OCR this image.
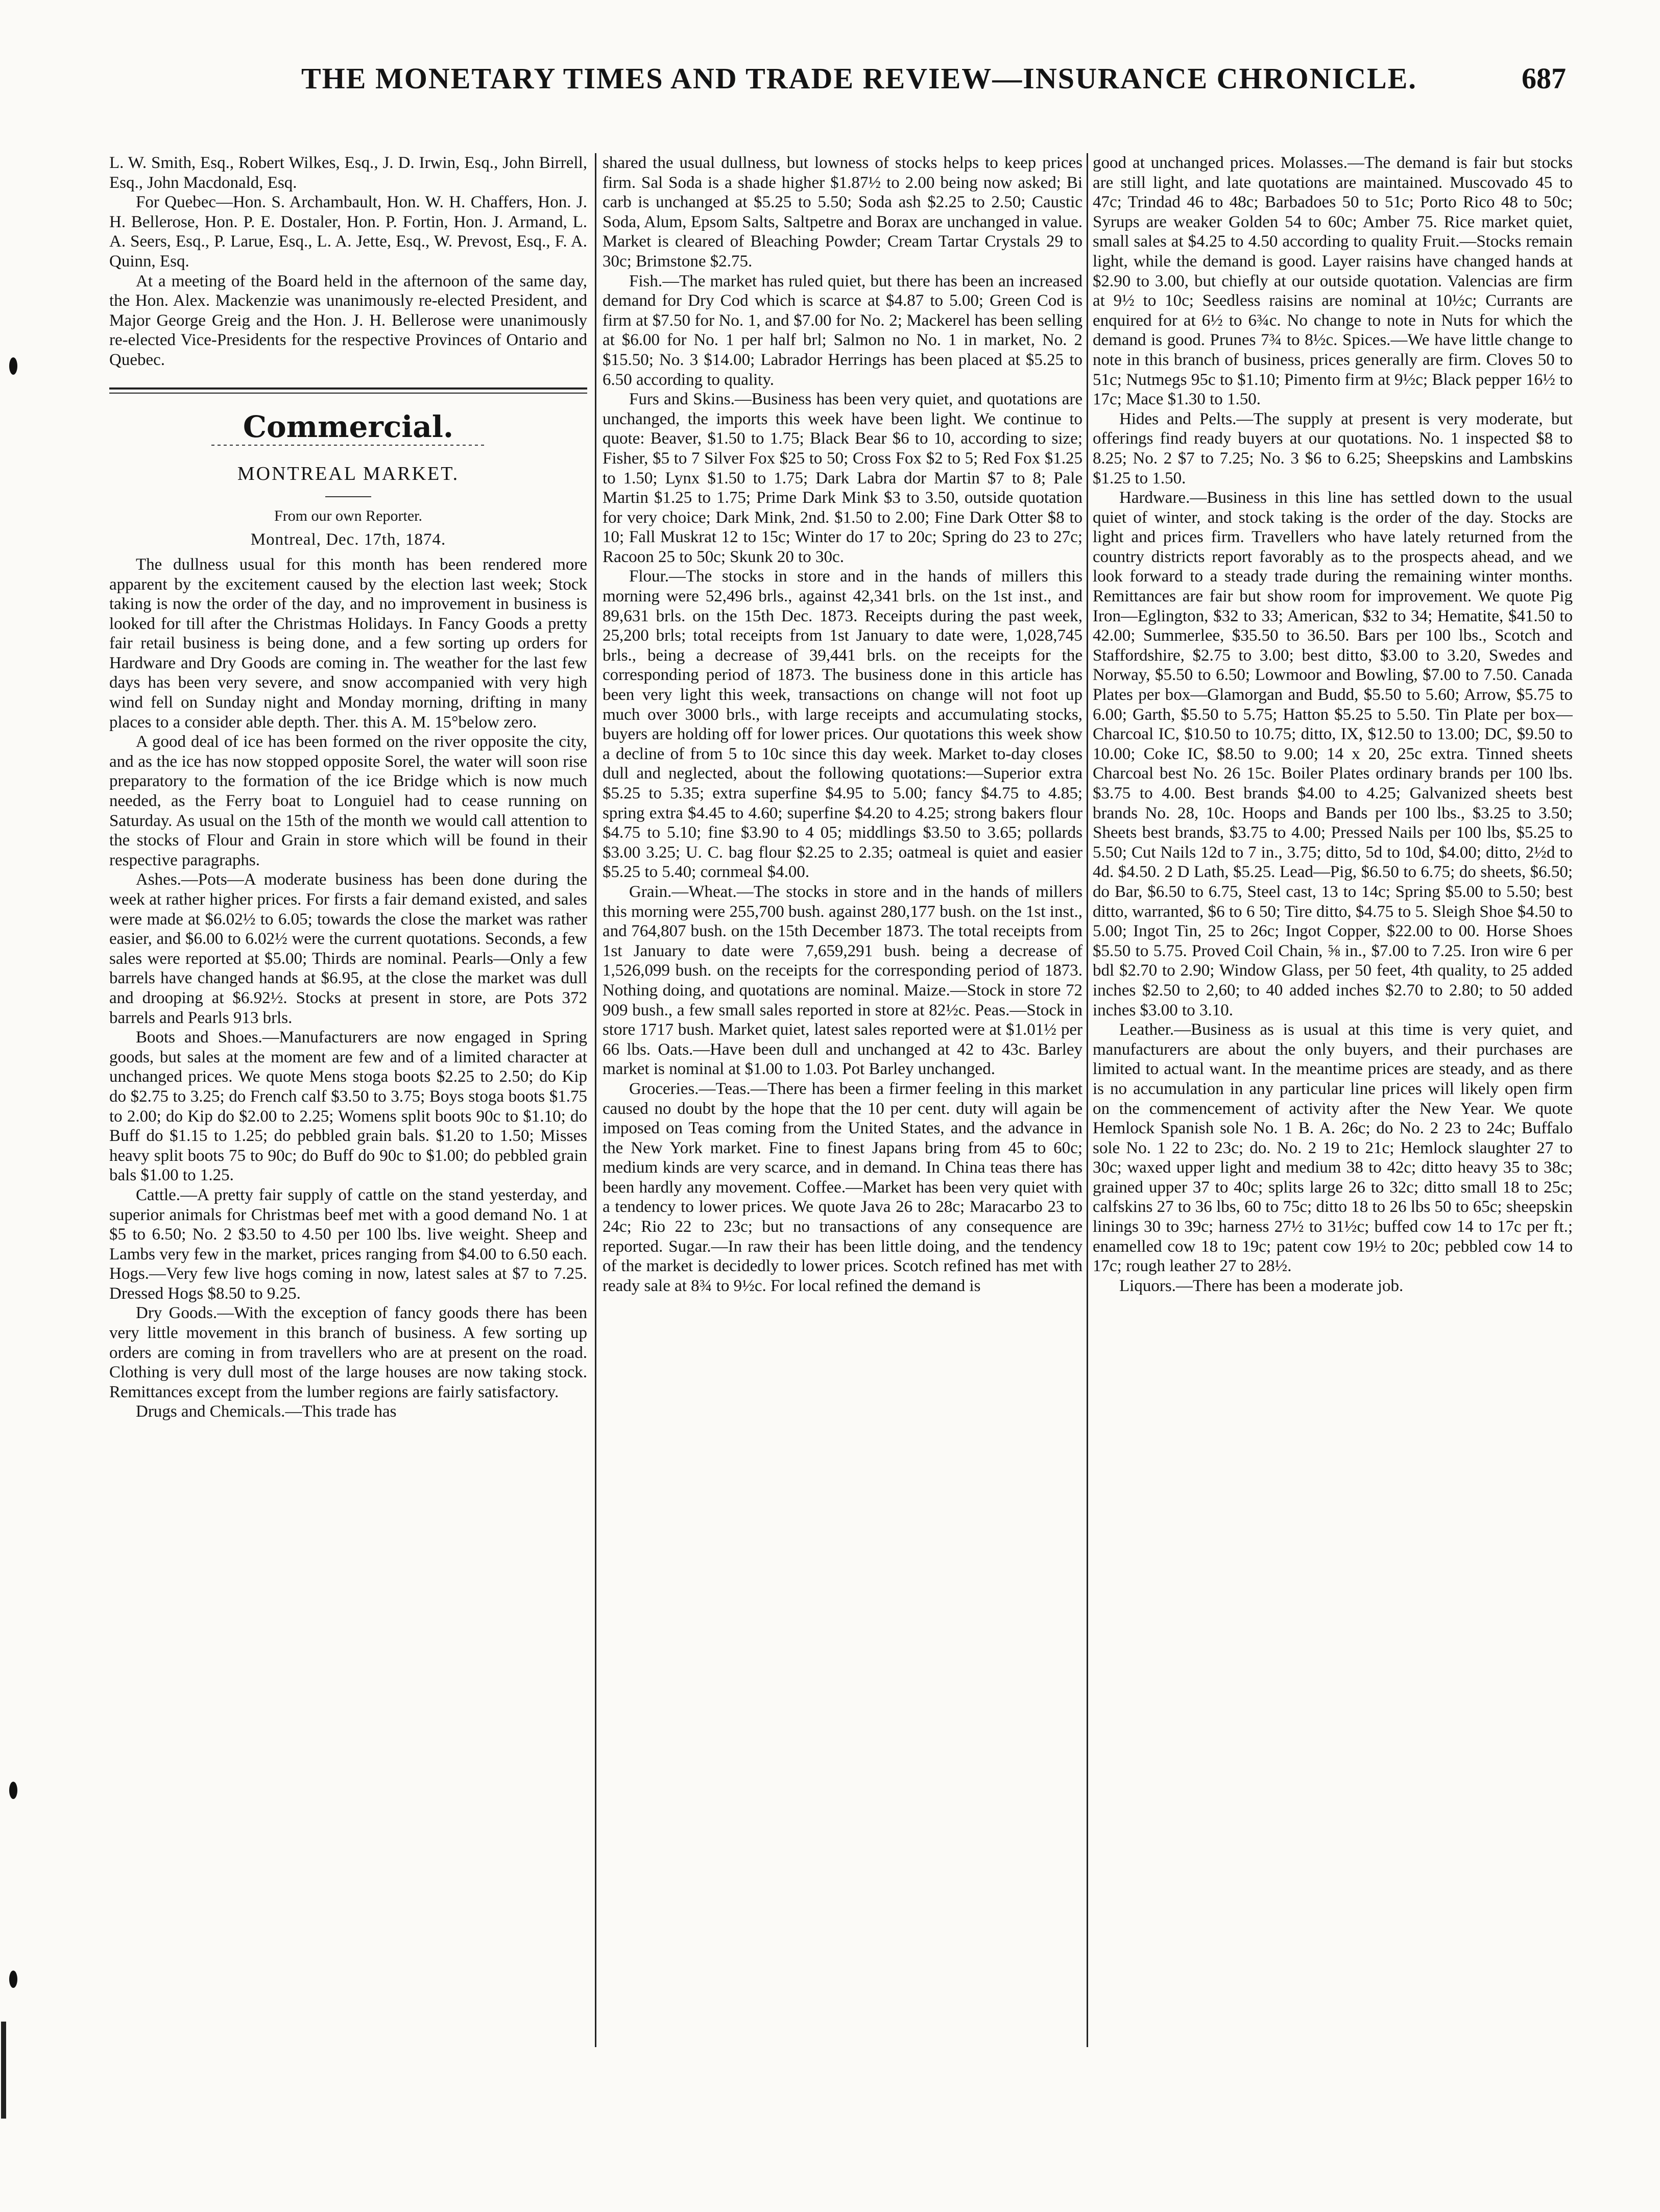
THE MONETARY TIMES AND TRADE REVIEW—INSURANCE CHRONICLE.	687

L. W. Smith, Esq., Robert Wilkes, Esq., J. D. Irwin, Esq., John Birrell, Esq., John Macdonald, Esq.

For Quebec—Hon. S. Archambault, Hon. W. H. Chaffers, Hon. J. H. Bellerose, Hon. P. E. Dostaler, Hon. P. Fortin, Hon. J. Armand, L. A. Seers, Esq., P. Larue, Esq., L. A. Jette, Esq., W. Prevost, Esq., F. A. Quinn, Esq.

At a meeting of the Board held in the afternoon of the same day, the Hon. Alex. Mackenzie was unanimously re-elected President, and Major George Greig and the Hon. J. H. Bellerose were unanimously re-elected Vice-Presidents for the respective Provinces of Ontario and Quebec.

Commercial.
MONTREAL MARKET.
From our own Reporter.
Montreal, Dec. 17th, 1874.

The dullness usual for this month has been rendered more apparent by the excitement caused by the election last week; Stock taking is now the order of the day, and no improvement in business is looked for till after the Christmas Holidays. In Fancy Goods a pretty fair retail business is being done, and a few sorting up orders for Hardware and Dry Goods are coming in. The weather for the last few days has been very severe, and snow accompanied with very high wind fell on Sunday night and Monday morning, drifting in many places to a consider able depth. Ther. this A. M. 15°below zero.

A good deal of ice has been formed on the river opposite the city, and as the ice has now stopped opposite Sorel, the water will soon rise preparatory to the formation of the ice Bridge which is now much needed, as the Ferry boat to Longuiel had to cease running on Saturday. As usual on the 15th of the month we would call attention to the stocks of Flour and Grain in store which will be found in their respective paragraphs.

Ashes.—Pots—A moderate business has been done during the week at rather higher prices. For firsts a fair demand existed, and sales were made at $6.02½ to 6.05; towards the close the market was rather easier, and $6.00 to 6.02½ were the current quotations. Seconds, a few sales were reported at $5.00; Thirds are nominal. Pearls—Only a few barrels have changed hands at $6.95, at the close the market was dull and drooping at $6.92½. Stocks at present in store, are Pots 372 barrels and Pearls 913 brls.

Boots and Shoes.—Manufacturers are now engaged in Spring goods, but sales at the moment are few and of a limited character at unchanged prices. We quote Mens stoga boots $2.25 to 2.50; do Kip do $2.75 to 3.25; do French calf $3.50 to 3.75; Boys stoga boots $1.75 to 2.00; do Kip do $2.00 to 2.25; Womens split boots 90c to $1.10; do Buff do $1.15 to 1.25; do pebbled grain bals. $1.20 to 1.50; Misses heavy split boots 75 to 90c; do Buff do 90c to $1.00; do pebbled grain bals $1.00 to 1.25.

Cattle.—A pretty fair supply of cattle on the stand yesterday, and superior animals for Christmas beef met with a good demand No. 1 at $5 to 6.50; No. 2 $3.50 to 4.50 per 100 lbs. live weight. Sheep and Lambs very few in the market, prices ranging from $4.00 to 6.50 each. Hogs.—Very few live hogs coming in now, latest sales at $7 to 7.25. Dressed Hogs $8.50 to 9.25.

Dry Goods.—With the exception of fancy goods there has been very little movement in this branch of business. A few sorting up orders are coming in from travellers who are at present on the road. Clothing is very dull most of the large houses are now taking stock. Remittances except from the lumber regions are fairly satisfactory.

Drugs and Chemicals.—This trade has

shared the usual dullness, but lowness of stocks helps to keep prices firm. Sal Soda is a shade higher $1.87½ to 2.00 being now asked; Bi carb is unchanged at $5.25 to 5.50; Soda ash $2.25 to 2.50; Caustic Soda, Alum, Epsom Salts, Saltpetre and Borax are unchanged in value. Market is cleared of Bleaching Powder; Cream Tartar Crystals 29 to 30c; Brimstone $2.75.

Fish.—The market has ruled quiet, but there has been an increased demand for Dry Cod which is scarce at $4.87 to 5.00; Green Cod is firm at $7.50 for No. 1, and $7.00 for No. 2; Mackerel has been selling at $6.00 for No. 1 per half brl; Salmon no No. 1 in market, No. 2 $15.50; No. 3 $14.00; Labrador Herrings has been placed at $5.25 to 6.50 according to quality.

Furs and Skins.—Business has been very quiet, and quotations are unchanged, the imports this week have been light. We continue to quote: Beaver, $1.50 to 1.75; Black Bear $6 to 10, according to size; Fisher, $5 to 7 Silver Fox $25 to 50; Cross Fox $2 to 5; Red Fox $1.25 to 1.50; Lynx $1.50 to 1.75; Dark Labra dor Martin $7 to 8; Pale Martin $1.25 to 1.75; Prime Dark Mink $3 to 3.50, outside quotation for very choice; Dark Mink, 2nd. $1.50 to 2.00; Fine Dark Otter $8 to 10; Fall Muskrat 12 to 15c; Winter do 17 to 20c; Spring do 23 to 27c; Racoon 25 to 50c; Skunk 20 to 30c.

Flour.—The stocks in store and in the hands of millers this morning were 52,496 brls., against 42,341 brls. on the 1st inst., and 89,631 brls. on the 15th Dec. 1873. Receipts during the past week, 25,200 brls; total receipts from 1st January to date were, 1,028,745 brls., being a decrease of 39,441 brls. on the receipts for the corresponding period of 1873. The business done in this article has been very light this week, transactions on change will not foot up much over 3000 brls., with large receipts and accumulating stocks, buyers are holding off for lower prices. Our quotations this week show a decline of from 5 to 10c since this day week. Market to-day closes dull and neglected, about the following quotations:—Superior extra $5.25 to 5.35; extra superfine $4.95 to 5.00; fancy $4.75 to 4.85; spring extra $4.45 to 4.60; superfine $4.20 to 4.25; strong bakers flour $4.75 to 5.10; fine $3.90 to 4 05; middlings $3.50 to 3.65; pollards $3.00 3.25; U. C. bag flour $2.25 to 2.35; oatmeal is quiet and easier $5.25 to 5.40; cornmeal $4.00.

Grain.—Wheat.—The stocks in store and in the hands of millers this morning were 255,700 bush. against 280,177 bush. on the 1st inst., and 764,807 bush. on the 15th December 1873. The total receipts from 1st January to date were 7,659,291 bush. being a decrease of 1,526,099 bush. on the receipts for the corresponding period of 1873. Nothing doing, and quotations are nominal. Maize.—Stock in store 72 909 bush., a few small sales reported in store at 82½c. Peas.—Stock in store 1717 bush. Market quiet, latest sales reported were at $1.01½ per 66 lbs. Oats.—Have been dull and unchanged at 42 to 43c. Barley market is nominal at $1.00 to 1.03. Pot Barley unchanged.

Groceries.—Teas.—There has been a firmer feeling in this market caused no doubt by the hope that the 10 per cent. duty will again be imposed on Teas coming from the United States, and the advance in the New York market. Fine to finest Japans bring from 45 to 60c; medium kinds are very scarce, and in demand. In China teas there has been hardly any movement. Coffee.—Market has been very quiet with a tendency to lower prices. We quote Java 26 to 28c; Maracarbo 23 to 24c; Rio 22 to 23c; but no transactions of any consequence are reported. Sugar.—In raw their has been little doing, and the tendency of the market is decidedly to lower prices. Scotch refined has met with ready sale at 8¾ to 9½c. For local refined the demand is

good at unchanged prices. Molasses.—The demand is fair but stocks are still light, and late quotations are maintained. Muscovado 45 to 47c; Trindad 46 to 48c; Barbadoes 50 to 51c; Porto Rico 48 to 50c; Syrups are weaker Golden 54 to 60c; Amber 75. Rice market quiet, small sales at $4.25 to 4.50 according to quality Fruit.—Stocks remain light, while the demand is good. Layer raisins have changed hands at $2.90 to 3.00, but chiefly at our outside quotation. Valencias are firm at 9½ to 10c; Seedless raisins are nominal at 10½c; Currants are enquired for at 6½ to 6¾c. No change to note in Nuts for which the demand is good. Prunes 7¾ to 8½c. Spices.—We have little change to note in this branch of business, prices generally are firm. Cloves 50 to 51c; Nutmegs 95c to $1.10; Pimento firm at 9½c; Black pepper 16½ to 17c; Mace $1.30 to 1.50.

Hides and Pelts.—The supply at present is very moderate, but offerings find ready buyers at our quotations. No. 1 inspected $8 to 8.25; No. 2 $7 to 7.25; No. 3 $6 to 6.25; Sheepskins and Lambskins $1.25 to 1.50.

Hardware.—Business in this line has settled down to the usual quiet of winter, and stock taking is the order of the day. Stocks are light and prices firm. Travellers who have lately returned from the country districts report favorably as to the prospects ahead, and we look forward to a steady trade during the remaining winter months. Remittances are fair but show room for improvement. We quote Pig Iron—Eglington, $32 to 33; American, $32 to 34; Hematite, $41.50 to 42.00; Summerlee, $35.50 to 36.50. Bars per 100 lbs., Scotch and Staffordshire, $2.75 to 3.00; best ditto, $3.00 to 3.20, Swedes and Norway, $5.50 to 6.50; Lowmoor and Bowling, $7.00 to 7.50. Canada Plates per box—Glamorgan and Budd, $5.50 to 5.60; Arrow, $5.75 to 6.00; Garth, $5.50 to 5.75; Hatton $5.25 to 5.50. Tin Plate per box—Charcoal IC, $10.50 to 10.75; ditto, IX, $12.50 to 13.00; DC, $9.50 to 10.00; Coke IC, $8.50 to 9.00; 14 x 20, 25c extra. Tinned sheets Charcoal best No. 26 15c. Boiler Plates ordinary brands per 100 lbs. $3.75 to 4.00. Best brands $4.00 to 4.25; Galvanized sheets best brands No. 28, 10c. Hoops and Bands per 100 lbs., $3.25 to 3.50; Sheets best brands, $3.75 to 4.00; Pressed Nails per 100 lbs, $5.25 to 5.50; Cut Nails 12d to 7 in., 3.75; ditto, 5d to 10d, $4.00; ditto, 2½d to 4d. $4.50. 2 D Lath, $5.25. Lead—Pig, $6.50 to 6.75; do sheets, $6.50; do Bar, $6.50 to 6.75, Steel cast, 13 to 14c; Spring $5.00 to 5.50; best ditto, warranted, $6 to 6 50; Tire ditto, $4.75 to 5. Sleigh Shoe $4.50 to 5.00; Ingot Tin, 25 to 26c; Ingot Copper, $22.00 to 00. Horse Shoes $5.50 to 5.75. Proved Coil Chain, ⅝ in., $7.00 to 7.25. Iron wire 6 per bdl $2.70 to 2.90; Window Glass, per 50 feet, 4th quality, to 25 added inches $2.50 to 2,60; to 40 added inches $2.70 to 2.80; to 50 added inches $3.00 to 3.10.

Leather.—Business as is usual at this time is very quiet, and manufacturers are about the only buyers, and their purchases are limited to actual want. In the meantime prices are steady, and as there is no accumulation in any particular line prices will likely open firm on the commencement of activity after the New Year. We quote Hemlock Spanish sole No. 1 B. A. 26c; do No. 2 23 to 24c; Buffalo sole No. 1 22 to 23c; do. No. 2 19 to 21c; Hemlock slaughter 27 to 30c; waxed upper light and medium 38 to 42c; ditto heavy 35 to 38c; grained upper 37 to 40c; splits large 26 to 32c; ditto small 18 to 25c; calfskins 27 to 36 lbs, 60 to 75c; ditto 18 to 26 lbs 50 to 65c; sheepskin linings 30 to 39c; harness 27½ to 31½c; buffed cow 14 to 17c per ft.; enamelled cow 18 to 19c; patent cow 19½ to 20c; pebbled cow 14 to 17c; rough leather 27 to 28½.

Liquors.—There has been a moderate job.
